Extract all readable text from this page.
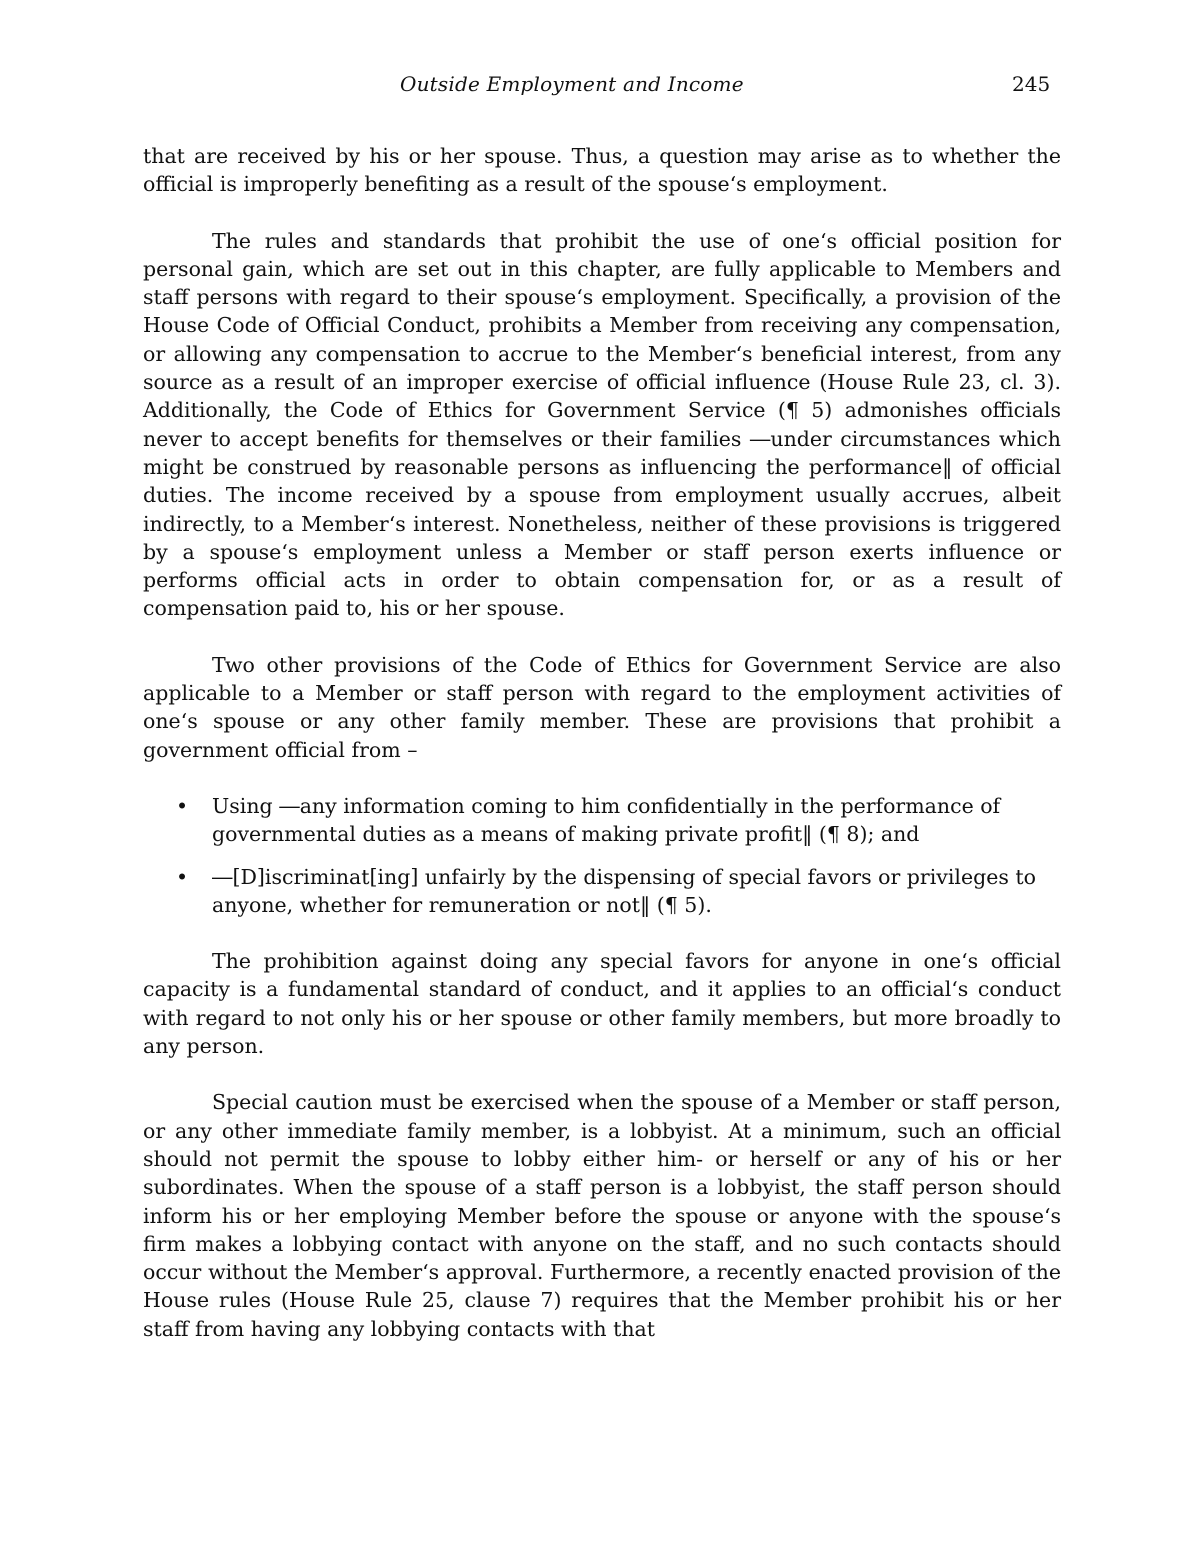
Outside Employment and Income	245

that are received by his or her spouse. Thus, a question may arise as to whether the official is improperly benefiting as a result of the spouse‘s employment.

The rules and standards that prohibit the use of one‘s official position for personal gain, which are set out in this chapter, are fully applicable to Members and staff persons with regard to their spouse‘s employment. Specifically, a provision of the House Code of Official Conduct, prohibits a Member from receiving any compensation, or allowing any compensation to accrue to the Member‘s beneficial interest, from any source as a result of an improper exercise of official influence (House Rule 23, cl. 3). Additionally, the Code of Ethics for Government Service (¶ 5) admonishes officials never to accept benefits for themselves or their families ―under circumstances which might be construed by reasonable persons as influencing the performance‖ of official duties. The income received by a spouse from employment usually accrues, albeit indirectly, to a Member‘s interest. Nonetheless, neither of these provisions is triggered by a spouse‘s employment unless a Member or staff person exerts influence or performs official acts in order to obtain compensation for, or as a result of compensation paid to, his or her spouse.

Two other provisions of the Code of Ethics for Government Service are also applicable to a Member or staff person with regard to the employment activities of one‘s spouse or any other family member. These are provisions that prohibit a government official from –

• Using ―any information coming to him confidentially in the performance of governmental duties as a means of making private profit‖ (¶ 8); and
• ―[D]iscriminat[ing] unfairly by the dispensing of special favors or privileges to anyone, whether for remuneration or not‖ (¶ 5).

The prohibition against doing any special favors for anyone in one‘s official capacity is a fundamental standard of conduct, and it applies to an official‘s conduct with regard to not only his or her spouse or other family members, but more broadly to any person.

Special caution must be exercised when the spouse of a Member or staff person, or any other immediate family member, is a lobbyist. At a minimum, such an official should not permit the spouse to lobby either him- or herself or any of his or her subordinates. When the spouse of a staff person is a lobbyist, the staff person should inform his or her employing Member before the spouse or anyone with the spouse‘s firm makes a lobbying contact with anyone on the staff, and no such contacts should occur without the Member‘s approval. Furthermore, a recently enacted provision of the House rules (House Rule 25, clause 7) requires that the Member prohibit his or her staff from having any lobbying contacts with that
